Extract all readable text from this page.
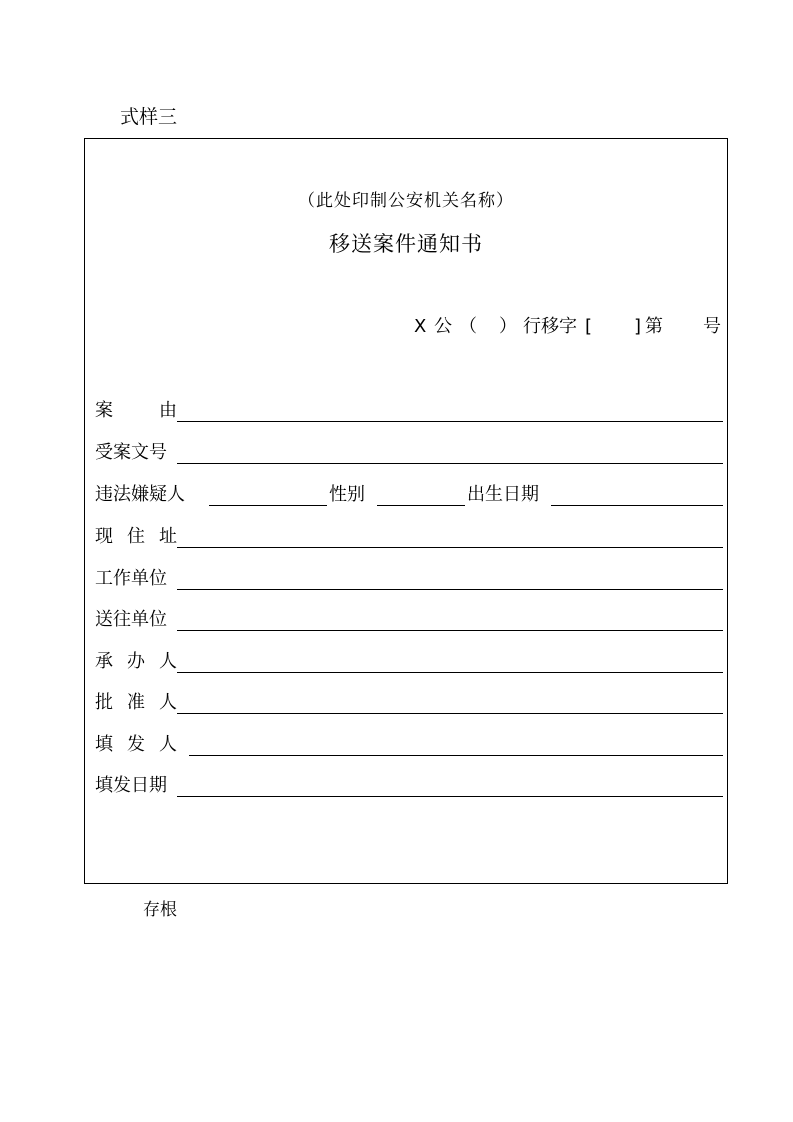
式样三
（此处印制公安机关名称）
移送案件通知书
X 公 （ ） 行移字 [ ] 第 号
案	由
受案文号
违法嫌疑人	性别	出生日期
现 住 址
工作单位
送往单位
承 办 人
批 准 人
填 发 人
填发日期
存根
